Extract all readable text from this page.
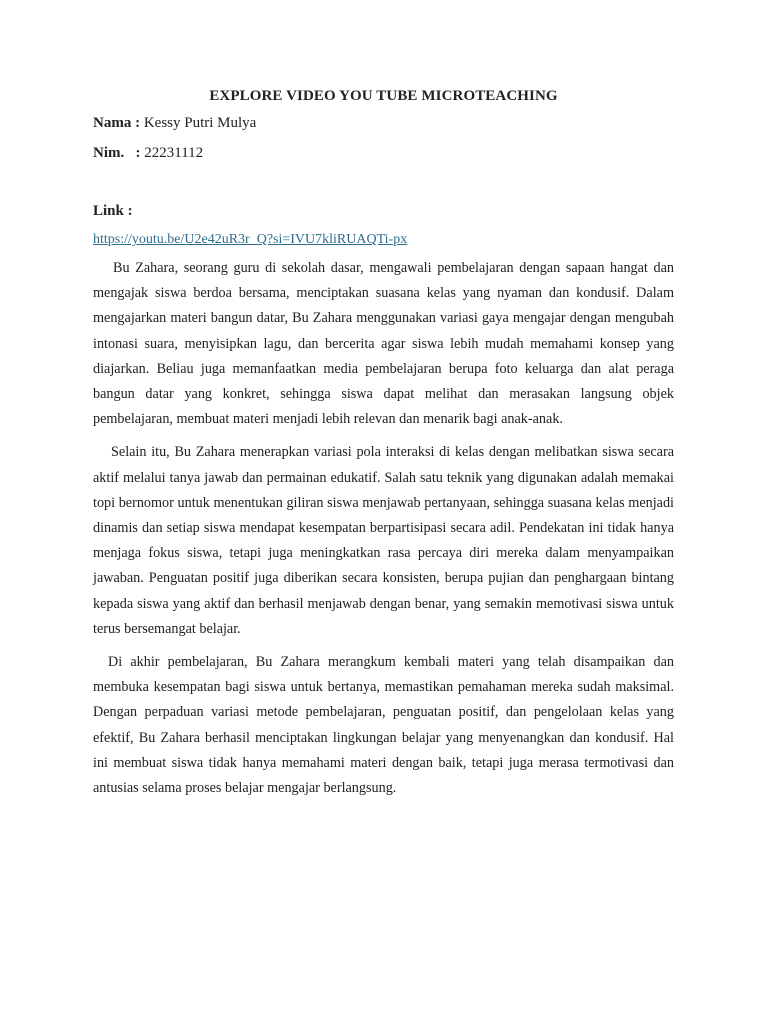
EXPLORE VIDEO YOU TUBE MICROTEACHING
Nama : Kessy Putri Mulya
Nim.   : 22231112
Link :
https://youtu.be/U2e42uR3r_Q?si=IVU7kliRUAQTi-px

Bu Zahara, seorang guru di sekolah dasar, mengawali pembelajaran dengan sapaan hangat dan mengajak siswa berdoa bersama, menciptakan suasana kelas yang nyaman dan kondusif. Dalam mengajarkan materi bangun datar, Bu Zahara menggunakan variasi gaya mengajar dengan mengubah intonasi suara, menyisipkan lagu, dan bercerita agar siswa lebih mudah memahami konsep yang diajarkan. Beliau juga memanfaatkan media pembelajaran berupa foto keluarga dan alat peraga bangun datar yang konkret, sehingga siswa dapat melihat dan merasakan langsung objek pembelajaran, membuat materi menjadi lebih relevan dan menarik bagi anak-anak.

Selain itu, Bu Zahara menerapkan variasi pola interaksi di kelas dengan melibatkan siswa secara aktif melalui tanya jawab dan permainan edukatif. Salah satu teknik yang digunakan adalah memakai topi bernomor untuk menentukan giliran siswa menjawab pertanyaan, sehingga suasana kelas menjadi dinamis dan setiap siswa mendapat kesempatan berpartisipasi secara adil. Pendekatan ini tidak hanya menjaga fokus siswa, tetapi juga meningkatkan rasa percaya diri mereka dalam menyampaikan jawaban. Penguatan positif juga diberikan secara konsisten, berupa pujian dan penghargaan bintang kepada siswa yang aktif dan berhasil menjawab dengan benar, yang semakin memotivasi siswa untuk terus bersemangat belajar.

Di akhir pembelajaran, Bu Zahara merangkum kembali materi yang telah disampaikan dan membuka kesempatan bagi siswa untuk bertanya, memastikan pemahaman mereka sudah maksimal. Dengan perpaduan variasi metode pembelajaran, penguatan positif, dan pengelolaan kelas yang efektif, Bu Zahara berhasil menciptakan lingkungan belajar yang menyenangkan dan kondusif. Hal ini membuat siswa tidak hanya memahami materi dengan baik, tetapi juga merasa termotivasi dan antusias selama proses belajar mengajar berlangsung.
